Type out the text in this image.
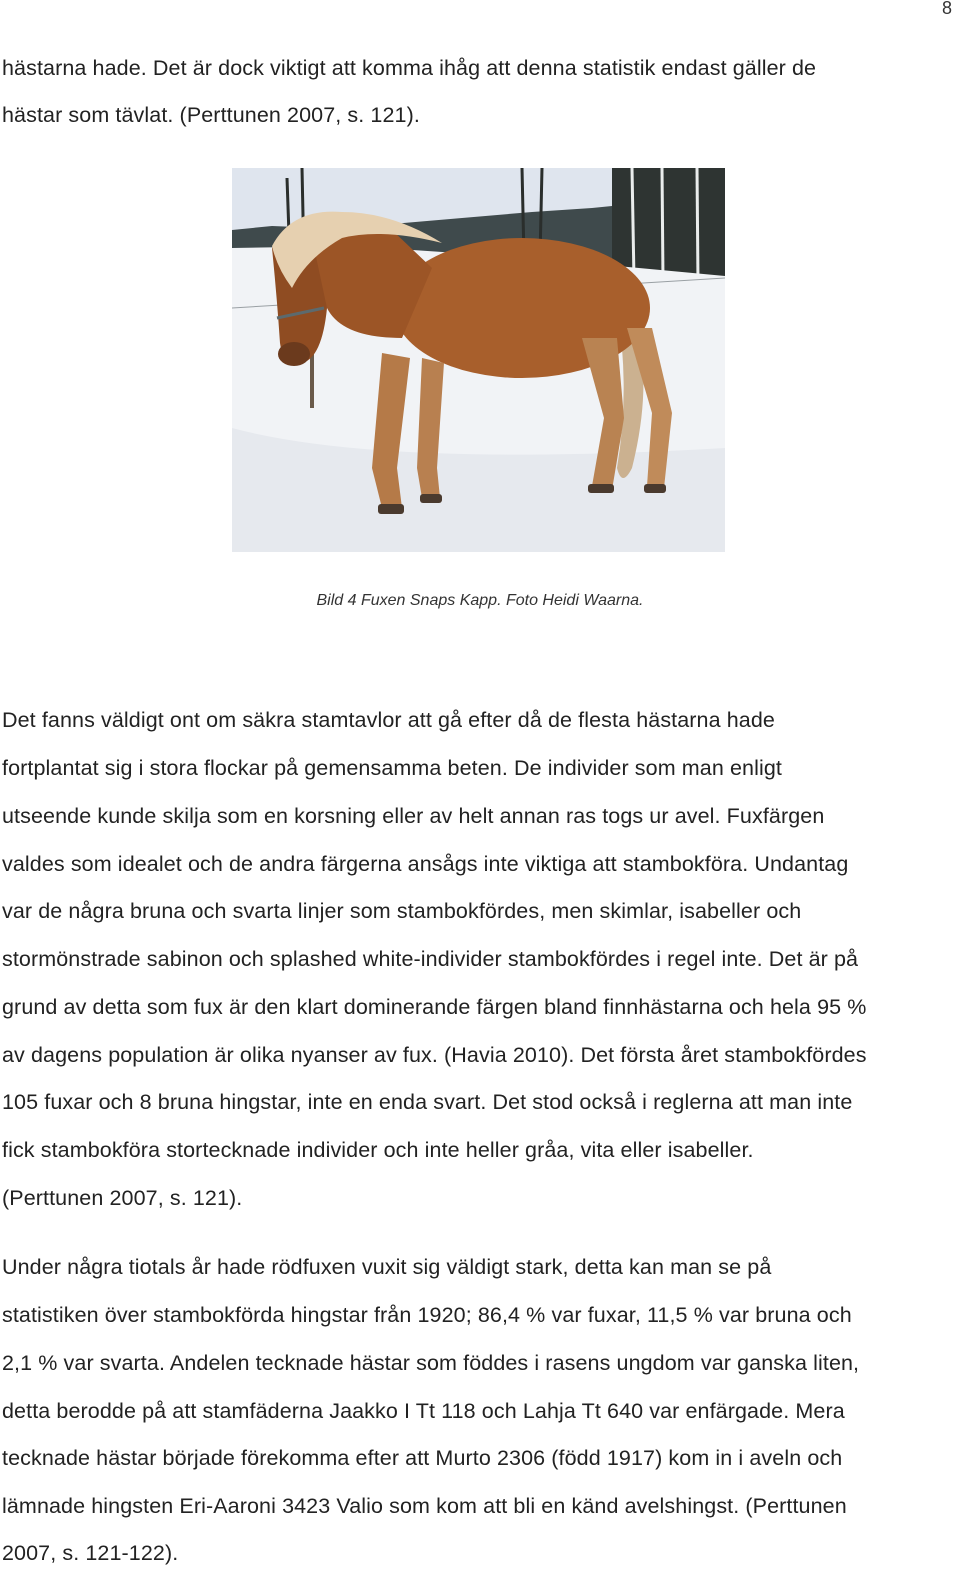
8
hästarna hade. Det är dock viktigt att komma ihåg att denna statistik endast gäller de
hästar som tävlat. (Perttunen 2007, s. 121).
Bild 4 Fuxen Snaps Kapp. Foto Heidi Waarna.
Det fanns väldigt ont om säkra stamtavlor att gå efter då de flesta hästarna hade
fortplantat sig i stora flockar på gemensamma beten. De individer som man enligt
utseende kunde skilja som en korsning eller av helt annan ras togs ur avel. Fuxfärgen
valdes som idealet och de andra färgerna ansågs inte viktiga att stambokföra. Undantag
var de några bruna och svarta linjer som stambokfördes, men skimlar, isabeller och
stormönstrade sabinon och splashed white-individer stambokfördes i regel inte. Det är på
grund av detta som fux är den klart dominerande färgen bland finnhästarna och hela 95 %
av dagens population är olika nyanser av fux. (Havia 2010). Det första året stambokfördes
105 fuxar och 8 bruna hingstar, inte en enda svart. Det stod också i reglerna att man inte
fick stambokföra stortecknade individer och inte heller gråa, vita eller isabeller.
(Perttunen 2007, s. 121).
Under några tiotals år hade rödfuxen vuxit sig väldigt stark, detta kan man se på
statistiken över stambokförda hingstar från 1920; 86,4 % var fuxar, 11,5 % var bruna och
2,1 % var svarta. Andelen tecknade hästar som föddes i rasens ungdom var ganska liten,
detta berodde på att stamfäderna Jaakko I Tt 118 och Lahja Tt 640 var enfärgade. Mera
tecknade hästar började förekomma efter att Murto 2306 (född 1917) kom in i aveln och
lämnade hingsten Eri-Aaroni 3423 Valio som kom att bli en känd avelshingst. (Perttunen
2007, s. 121-122).
